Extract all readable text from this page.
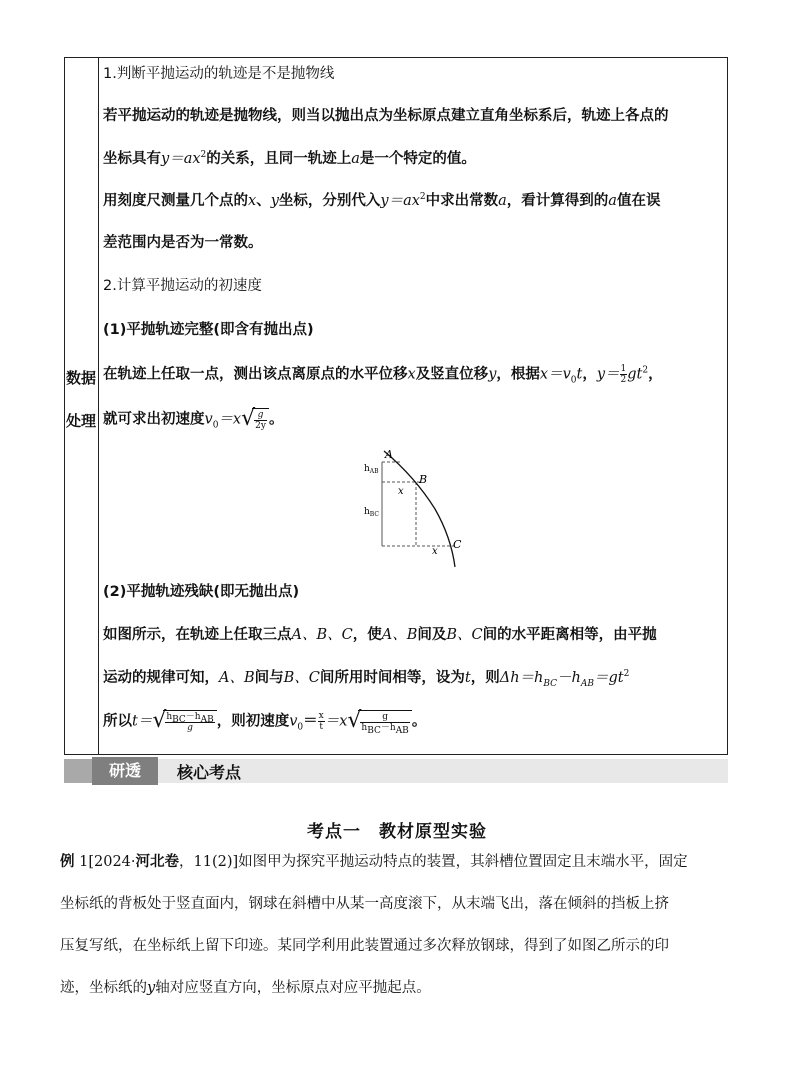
数据
处理
1.判断平抛运动的轨迹是不是抛物线
若平抛运动的轨迹是抛物线，则当以抛出点为坐标原点建立直角坐标系后，轨迹上各点的
坐标具有$y=ax^2$的关系，且同一轨迹上a是一个特定的值。
用刻度尺测量几个点的x、y坐标，分别代入$y=ax^2$中求出常数a，看计算得到的a值在误
差范围内是否为一常数。
2.计算平抛运动的初速度
(1)平抛轨迹完整(即含有抛出点)
在轨迹上任取一点，测出该点离原点的水平位移x及竖直位移y，根据$x=v_0t$，$y= \frac{1}{2} gt^2$，
就可求出初速度$v_0=x$ √
$\frac{g}{2y}$ 。
A
B
C
$h_{AB}$
$h_{BC}$
x
x
(2)平抛轨迹残缺(即无抛出点)
如图所示，在轨迹上任取三点A、B、C，使A、B间及B、C间的水平距离相等，由平抛
运动的规律可知，A、B间与B、C间所用时间相等，设为t，则$\Delta h=h_{BC}-h_{AB}=gt^2$
所以t＝ √
$\frac{h_{BC}-h_{AB}}{g}$ ，则初速度$v_0= \frac{x}{t} =x$ √
$\frac{g}{h_{BC}-h_{AB}}$ 。
研透	核心考点
考点一　教材原型实验
例 1[2024·河北卷，11(2)]如图甲为探究平抛运动特点的装置，其斜槽位置固定且末端水平，固定
坐标纸的背板处于竖直面内，钢球在斜槽中从某一高度滚下，从末端飞出，落在倾斜的挡板上挤
压复写纸，在坐标纸上留下印迹。某同学利用此装置通过多次释放钢球，得到了如图乙所示的印
迹，坐标纸的y轴对应竖直方向，坐标原点对应平抛起点。
